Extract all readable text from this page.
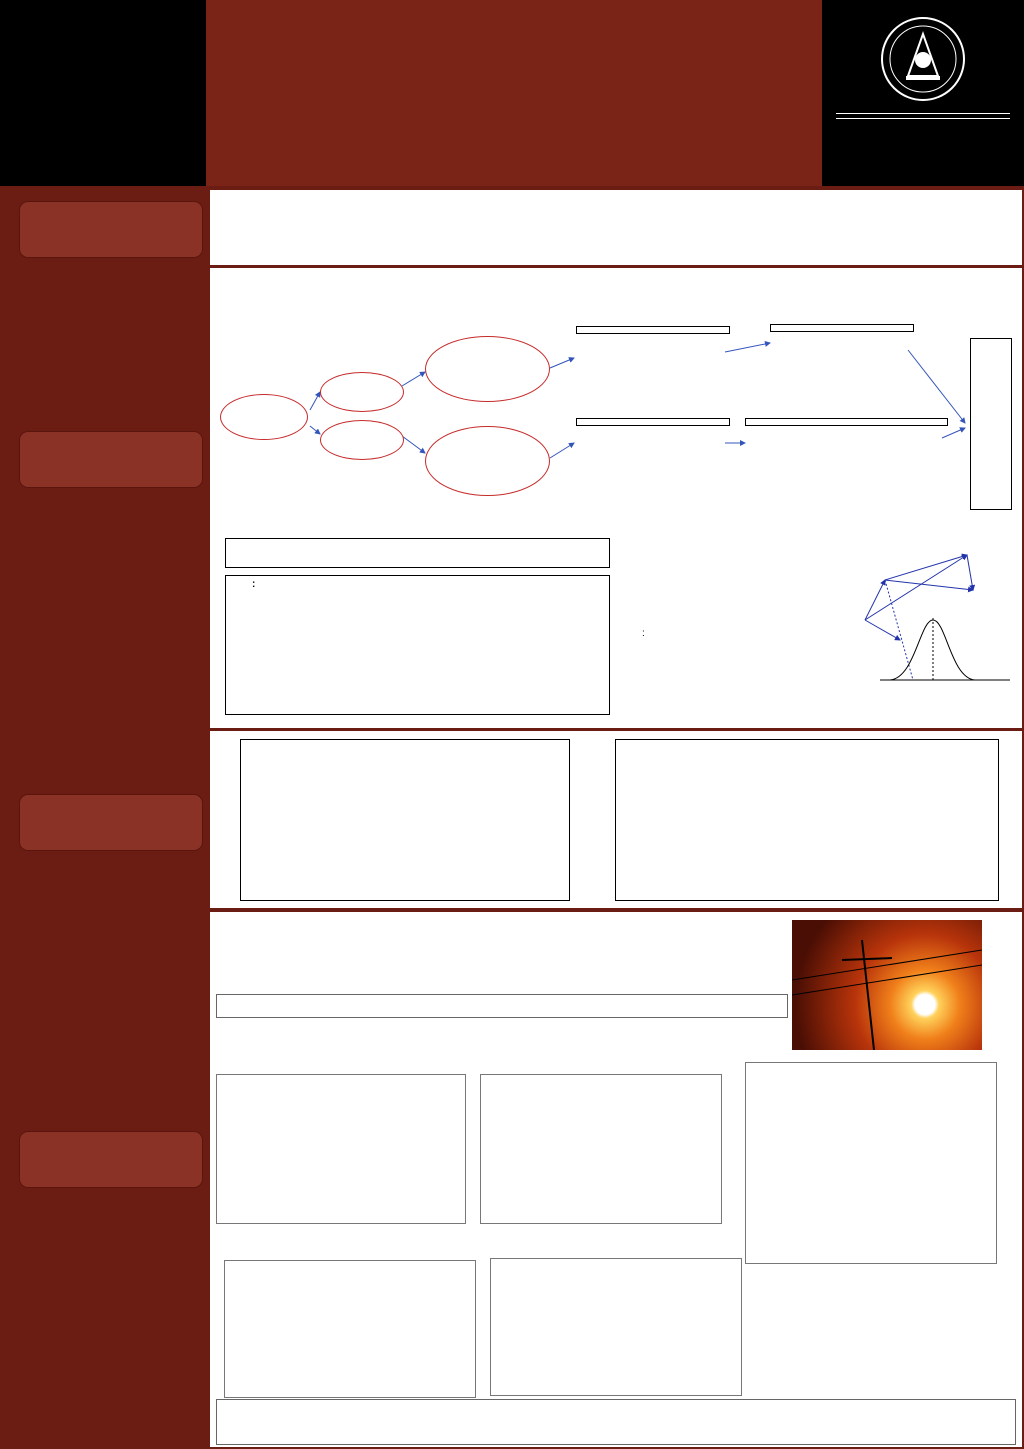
:
:
